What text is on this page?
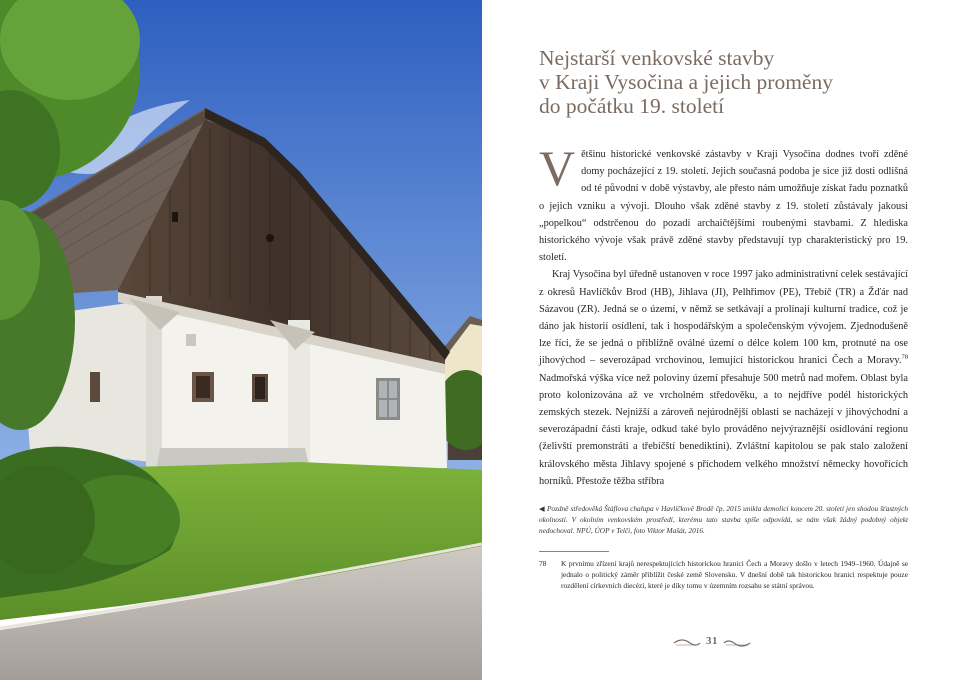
Nejstarší venkovské stavby
v Kraji Vysočina a jejich proměny
do počátku 19. století

Většinu historické venkovské zástavby v Kraji Vysočina dodnes tvoří zděné domy pocházející z 19. století. Jejich současná podoba je sice již dosti odlišná od té původní v době výstavby, ale přesto nám umožňuje získat řadu poznatků o jejich vzniku a vývoji. Dlouho však zděné stavby z 19. století zůstávaly jakousi „popelkou“ odstrčenou do pozadí archaičtějšími roubenými stavbami. Z hlediska historického vývoje však právě zděné stavby představují typ charakteristický pro 19. století.

Kraj Vysočina byl úředně ustanoven v roce 1997 jako administrativní celek sestávající z okresů Havlíčkův Brod (HB), Jihlava (JI), Pelhřimov (PE), Třebíč (TR) a Žďár nad Sázavou (ZR). Jedná se o území, v němž se setkávají a prolínají kulturní tradice, což je dáno jak historií osídlení, tak i hospodářským a společenským vývojem. Zjednodušeně lze říci, že se jedná o přibližně oválné území o délce kolem 100 km, protnuté na ose jihovýchod – severozápad vrchovinou, lemující historickou hranici Čech a Moravy.$^{78}$ Nadmořská výška více než poloviny území přesahuje 500 metrů nad mořem. Oblast byla proto kolonizována až ve vrcholném středověku, a to nejdříve podél historických zemských stezek. Nejnižší a zároveň nejúrodnější oblasti se nacházejí v jihovýchodní a severozápadní části kraje, odkud také bylo prováděno nejvýraznější osídlování regionu (želivští premonstráti a třebíčští benediktini). Zvláštní kapitolou se pak stalo založení královského města Jihlavy spojené s příchodem velkého množství německy hovořících horníků. Přestože těžba stříbra

◀ Pozdně středověká Štáflova chalupa v Havlíčkově Brodě čp. 2015 unikla demolici koncem 20. století jen shodou šťastných okolností. V okolním venkovském prostředí, kterému tato stavba spíše odpovídá, se nám však žádný podobný objekt nedochoval. NPÚ, ÚOP v Telči, foto Viktor Mašát, 2016.
78	K prvnímu zřízení krajů nerespektujících historickou hranici Čech a Moravy došlo v letech 1949–1960. Údajně se jednalo o politický záměr přiblížit české země Slovensku. V dnešní době tak historickou hranici respektuje pouze rozdělení církevních diecézí, které je díky tomu v územním rozsahu se státní správou.
31
